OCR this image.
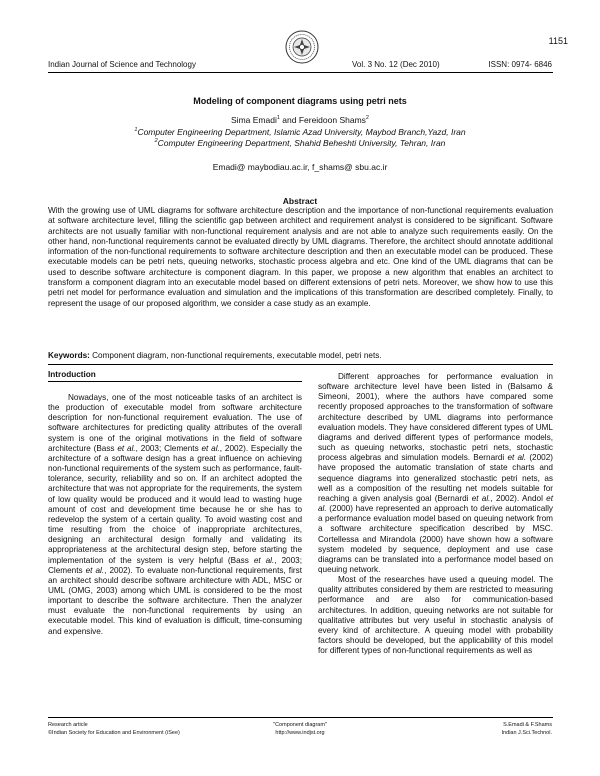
1151
Indian Journal of Science and Technology	Vol. 3 No. 12 (Dec 2010)	ISSN: 0974- 6846
Modeling of component diagrams using petri nets
Sima Emadi$^1$ and Fereidoon Shams$^2$
$^1$Computer Engineering Department, Islamic Azad University, Maybod Branch,Yazd, Iran
$^2$Computer Engineering Department, Shahid Beheshti University, Tehran, Iran
Emadi@ maybodiau.ac.ir, f_shams@ sbu.ac.ir
Abstract
With the growing use of UML diagrams for software architecture description and the importance of non-functional requirements evaluation at software architecture level, filling the scientific gap between architect and requirement analyst is considered to be significant. Software architects are not usually familiar with non-functional requirement analysis and are not able to analyze such requirements easily. On the other hand, non-functional requirements cannot be evaluated directly by UML diagrams. Therefore, the architect should annotate additional information of the non-functional requirements to software architecture description and then an executable model can be produced. These executable models can be petri nets, queuing networks, stochastic process algebra and etc. One kind of the UML diagrams that can be used to describe software architecture is component diagram. In this paper, we propose a new algorithm that enables an architect to transform a component diagram into an executable model based on different extensions of petri nets. Moreover, we show how to use this petri net model for performance evaluation and simulation and the implications of this transformation are described completely. Finally, to represent the usage of our proposed algorithm, we consider a case study as an example.
Keywords: Component diagram, non-functional requirements, executable model, petri nets.
Introduction

Nowadays, one of the most noticeable tasks of an architect is the production of executable model from software architecture description for non-functional requirement evaluation. The use of software architectures for predicting quality attributes of the overall system is one of the original motivations in the field of software architecture (Bass et al., 2003; Clements et al., 2002). Especially the architecture of a software design has a great influence on achieving non-functional requirements of the system such as performance, fault-tolerance, security, reliability and so on. If an architect adopted the architecture that was not appropriate for the requirements, the system of low quality would be produced and it would lead to wasting huge amount of cost and development time because he or she has to redevelop the system of a certain quality. To avoid wasting cost and time resulting from the choice of inappropriate architectures, designing an architectural design formally and validating its appropriateness at the architectural design step, before starting the implementation of the system is very helpful (Bass et al., 2003; Clements et al., 2002). To evaluate non-functional requirements, first an architect should describe software architecture with ADL, MSC or UML (OMG, 2003) among which UML is considered to be the most important to describe the software architecture. Then the analyzer must evaluate the non-functional requirements by using an executable model. This kind of evaluation is difficult, time-consuming and expensive.

Different approaches for performance evaluation in software architecture level have been listed in (Balsamo & Simeoni, 2001), where the authors have compared some recently proposed approaches to the transformation of software architecture described by UML diagrams into performance evaluation models. They have considered different types of UML diagrams and derived different types of performance models, such as queuing networks, stochastic petri nets, stochastic process algebras and simulation models. Bernardi et al. (2002) have proposed the automatic translation of state charts and sequence diagrams into generalized stochastic petri nets, as well as a composition of the resulting net models suitable for reaching a given analysis goal (Bernardi et al., 2002). Andol et al. (2000) have represented an approach to derive automatically a performance evaluation model based on queuing network from a software architecture specification described by MSC. Cortellessa and Mirandola (2000) have shown how a software system modeled by sequence, deployment and use case diagrams can be translated into a performance model based on queuing network.

Most of the researches have used a queuing model. The quality attributes considered by them are restricted to measuring performance and are also for communication-based architectures. In addition, queuing networks are not suitable for qualitative attributes but very useful in stochastic analysis of every kind of architecture. A queuing model with probability factors should be developed, but the applicability of this model for different types of non-functional requirements as well as

Research article
©Indian Society for Education and Environment (iSee)
"Component diagram"
http://www.indjst.org
S.Emadi & F.Shams
Indian J.Sci.Technol.
